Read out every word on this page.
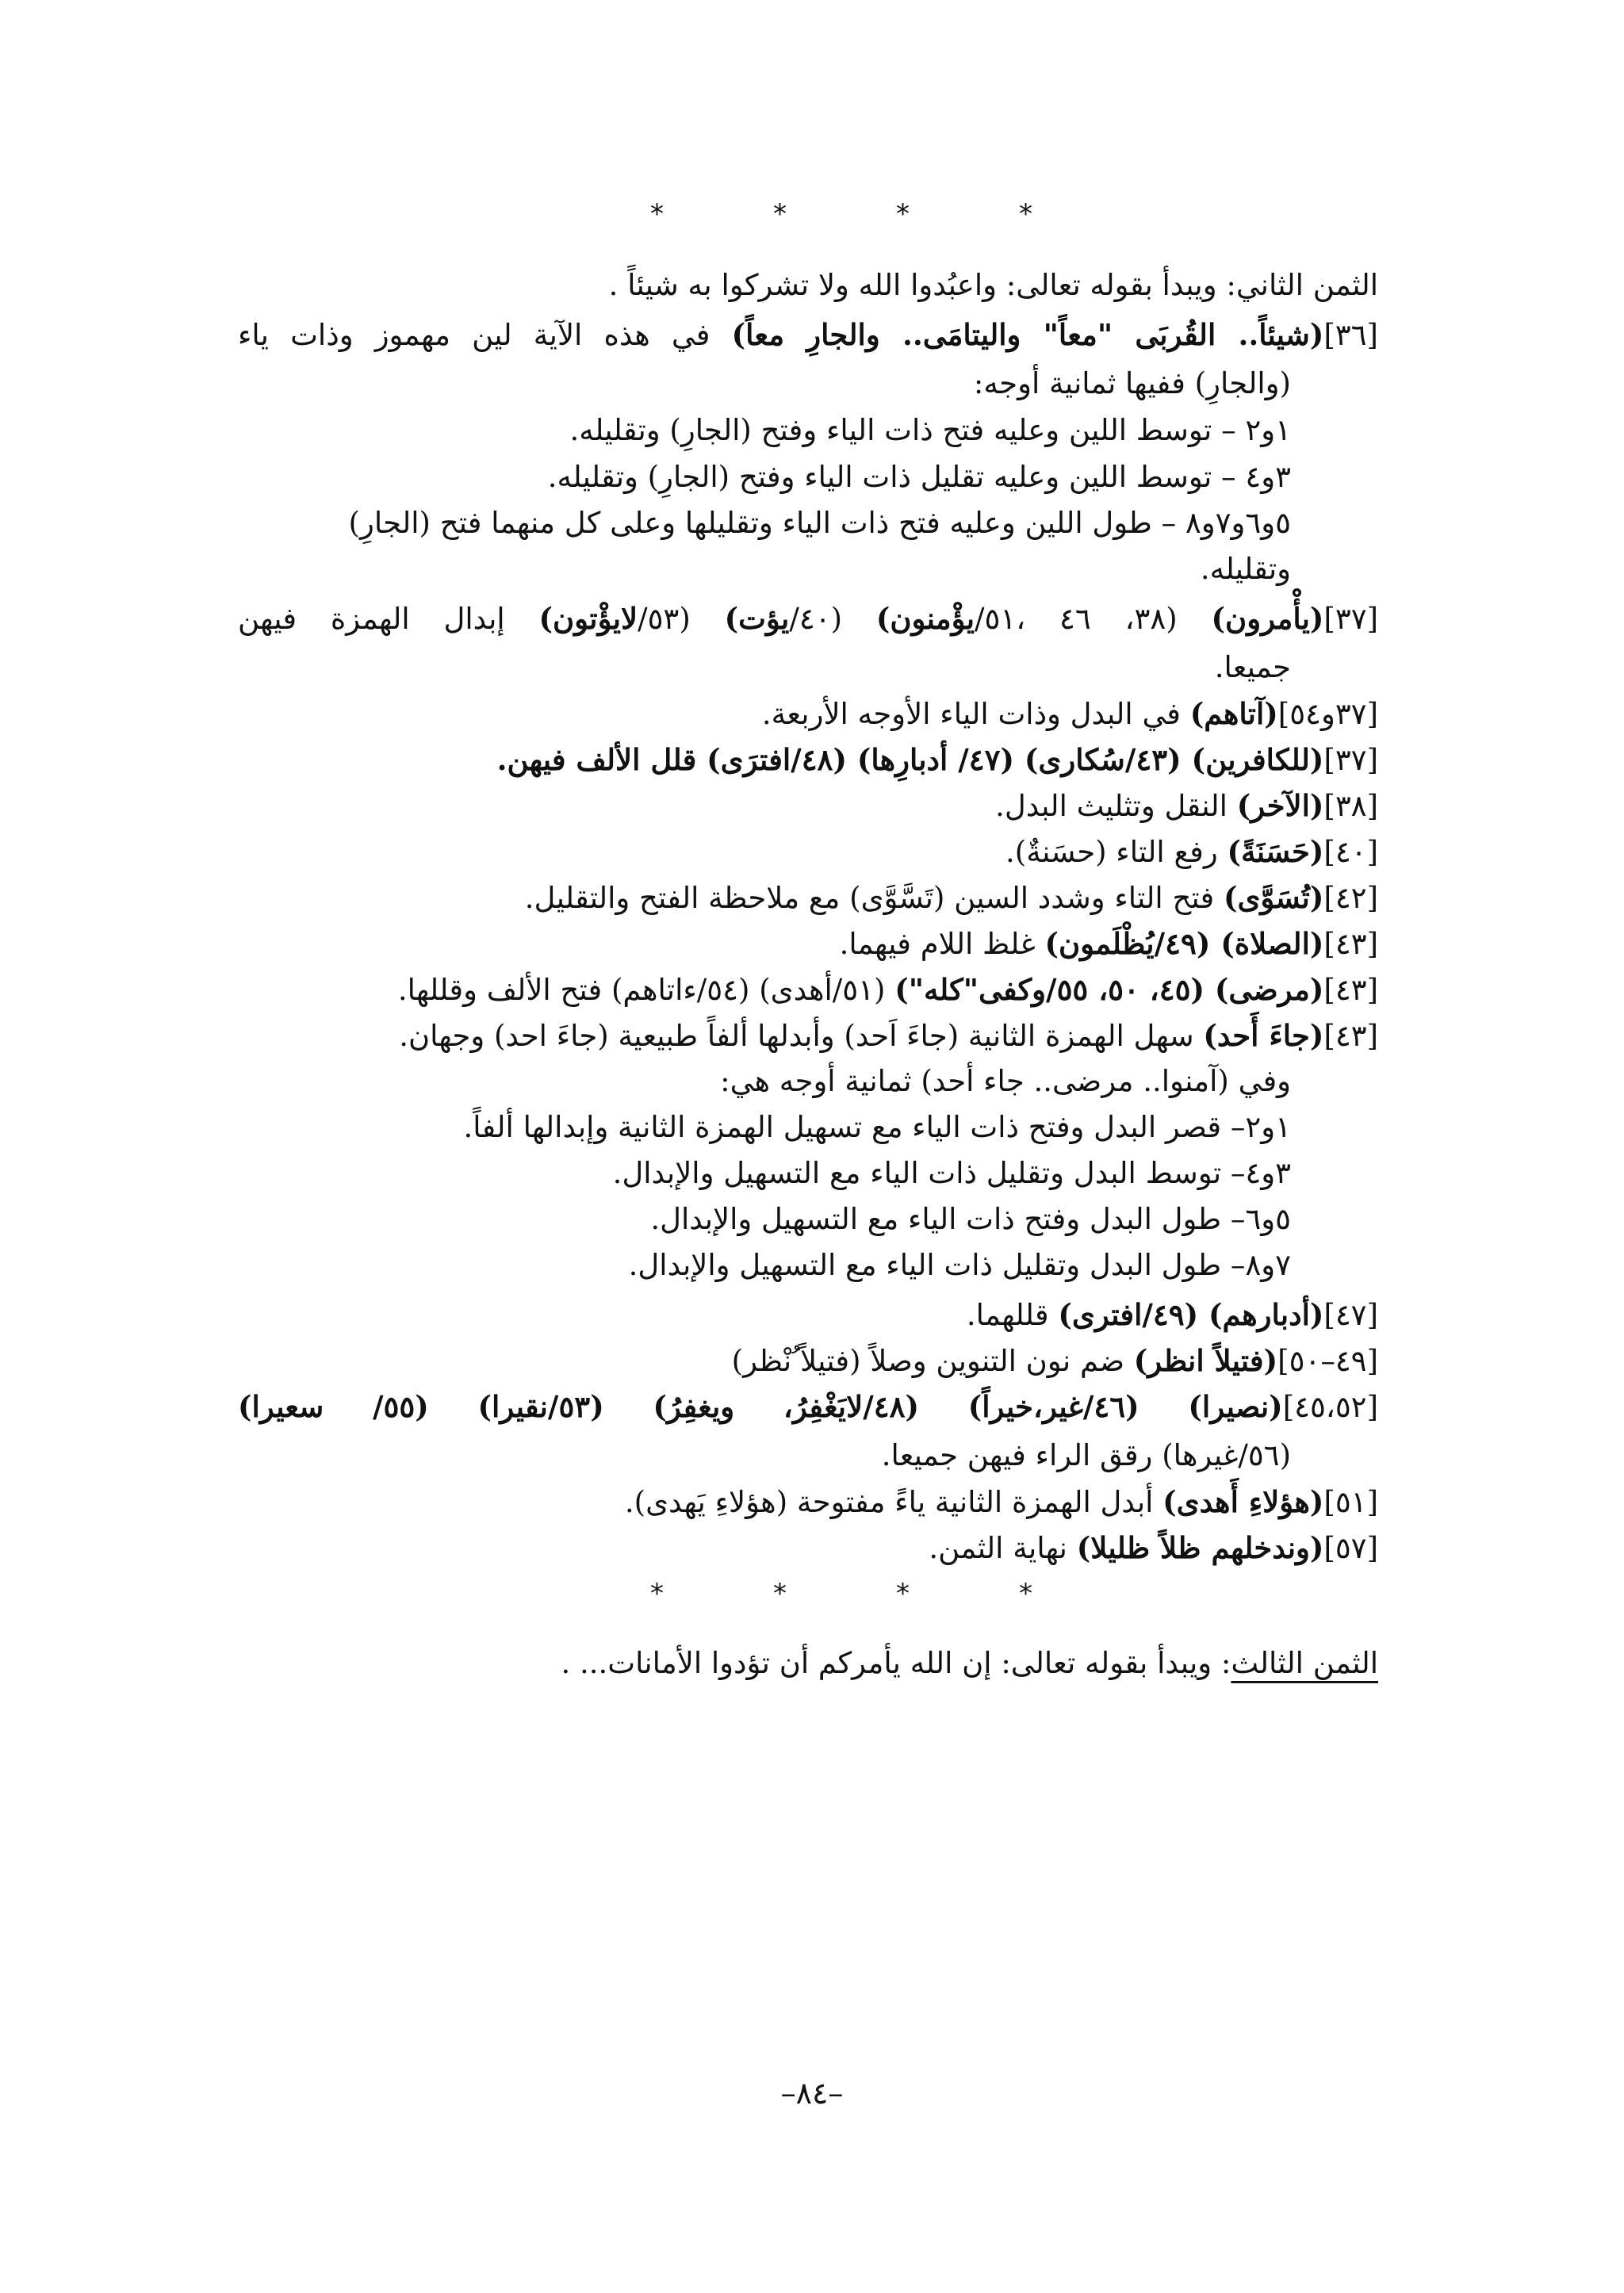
*	*	*	*
الثمن الثاني: ويبدأ بقوله تعالى: واعبُدوا الله ولا تشركوا به شيئاً .
[٣٦](شيئاً.. القُربَى "معاً" واليتامَى.. والجارِ معاً) في هذه الآية لين مهموز وذات ياء
(والجارِ) ففيها ثمانية أوجه:
١و٢ – توسط اللين وعليه فتح ذات الياء وفتح (الجارِ) وتقليله.
٣و٤ – توسط اللين وعليه تقليل ذات الياء وفتح (الجارِ) وتقليله.
٥و٦و٧و٨ – طول اللين وعليه فتح ذات الياء وتقليلها وعلى كل منهما فتح (الجارِ)
وتقليله.
[٣٧](يأْمرون) (٣٨، ٤٦ ،٥١/يؤْمنون) (٤٠/يؤت) (٥٣/لايؤْتون) إبدال الهمزة فيهن
جميعا.
[٣٧و٥٤](آتاهم) في البدل وذات الياء الأوجه الأربعة.
[٣٧](للكافرين) (٤٣/سُكارى) (٤٧/ أدبارِها) (٤٨/افترَى) قلل الألف فيهن.
[٣٨](الآخر) النقل وتثليث البدل.
[٤٠](حَسَنَةً) رفع التاء (حسَنةٌ).
[٤٢](تُسَوَّى) فتح التاء وشدد السين (تَسَّوَّى) مع ملاحظة الفتح والتقليل.
[٤٣](الصلاة) (٤٩/يُظْلَمون) غلظ اللام فيهما.
[٤٣](مرضى) (٤٥، ٥٠، ٥٥/وكفى"كله") (٥١/أهدى) (٥٤/ءاتاهم) فتح الألف وقللها.
[٤٣](جاءَ أَحد) سهل الهمزة الثانية (جاءَ اَحد) وأبدلها ألفاً طبيعية (جاءَ احد) وجهان.
وفي (آمنوا.. مرضى.. جاء أحد) ثمانية أوجه هي:
١و٢– قصر البدل وفتح ذات الياء مع تسهيل الهمزة الثانية وإبدالها ألفاً.
٣و٤– توسط البدل وتقليل ذات الياء مع التسهيل والإبدال.
٥و٦– طول البدل وفتح ذات الياء مع التسهيل والإبدال.
٧و٨– طول البدل وتقليل ذات الياء مع التسهيل والإبدال.
[٤٧](أدبارهم) (٤٩/افترى) قللهما.
[٤٩–٥٠](فتيلاً انظر) ضم نون التنوين وصلاً (فتيلاً ُنْظر)
[٤٥،٥٢](نصيرا) (٤٦/غير،خيراً) (٤٨/لايَغْفِرُ، ويغفِرُ) (٥٣/نقيرا) (٥٥/ سعيرا)
(٥٦/غيرها) رقق الراء فيهن جميعا.
[٥١](هؤلاءِ أَهدى) أبدل الهمزة الثانية ياءً مفتوحة (هؤلاءِ يَهدى).
[٥٧](وندخلهم ظلاً ظليلا) نهاية الثمن.
*	*	*	*
الثمن الثالث: ويبدأ بقوله تعالى: إن الله يأمركم أن تؤدوا الأمانات... .
–٨٤–
